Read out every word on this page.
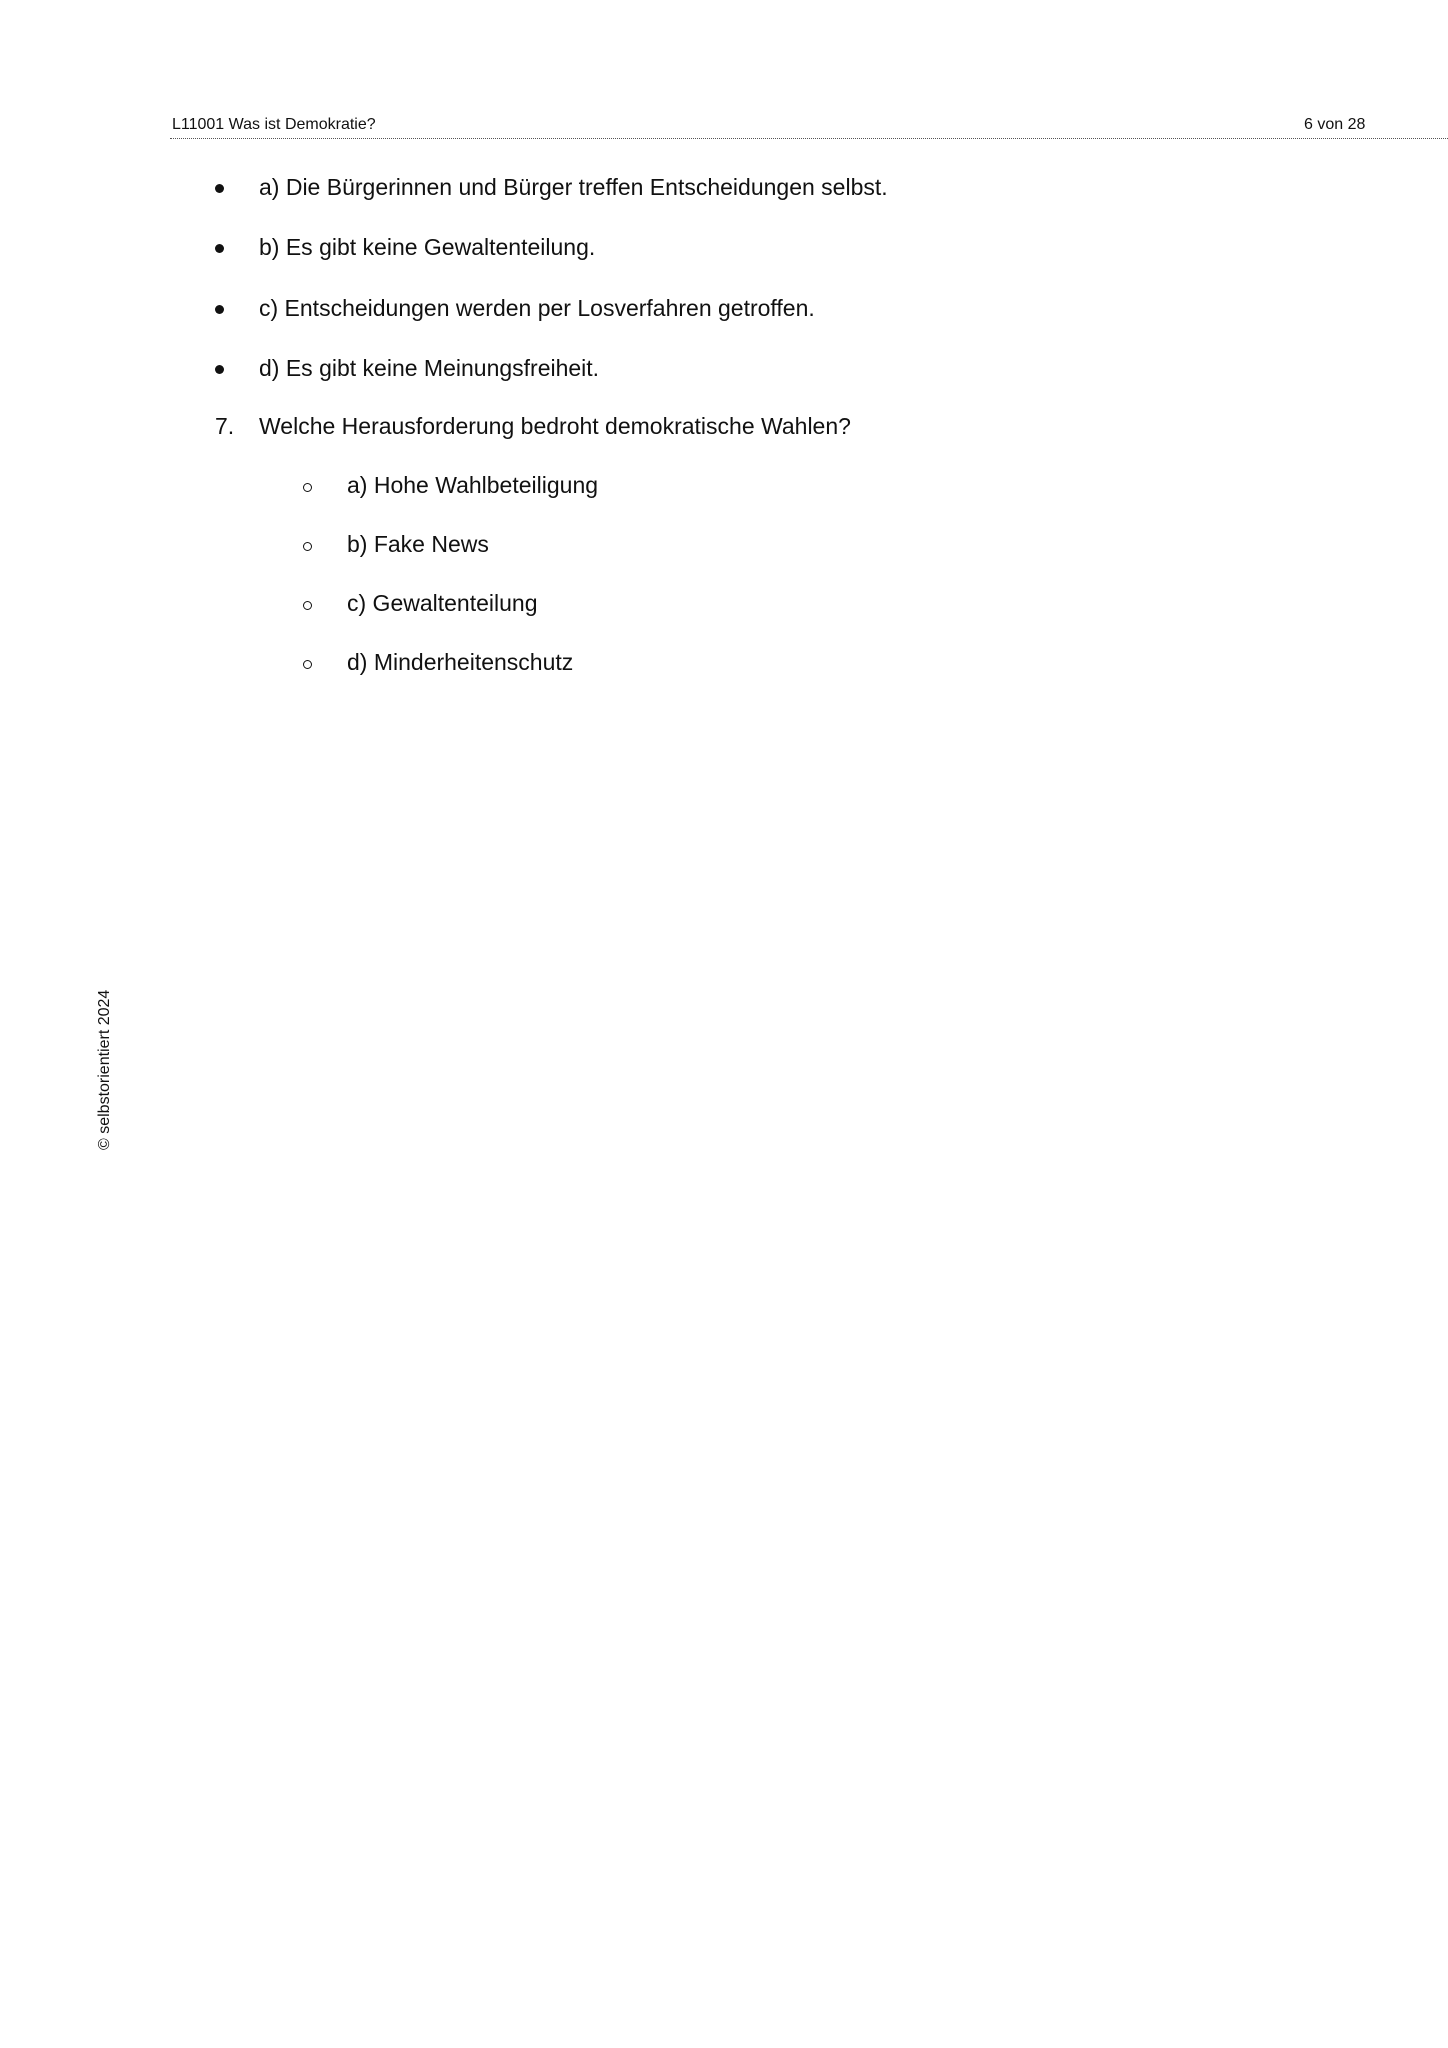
L11001 Was ist Demokratie?	6 von 28
a) Die Bürgerinnen und Bürger treffen Entscheidungen selbst.
b) Es gibt keine Gewaltenteilung.
c) Entscheidungen werden per Losverfahren getroffen.
d) Es gibt keine Meinungsfreiheit.
7. Welche Herausforderung bedroht demokratische Wahlen?
a) Hohe Wahlbeteiligung
b) Fake News
c) Gewaltenteilung
d) Minderheitenschutz
© selbstorientiert 2024
